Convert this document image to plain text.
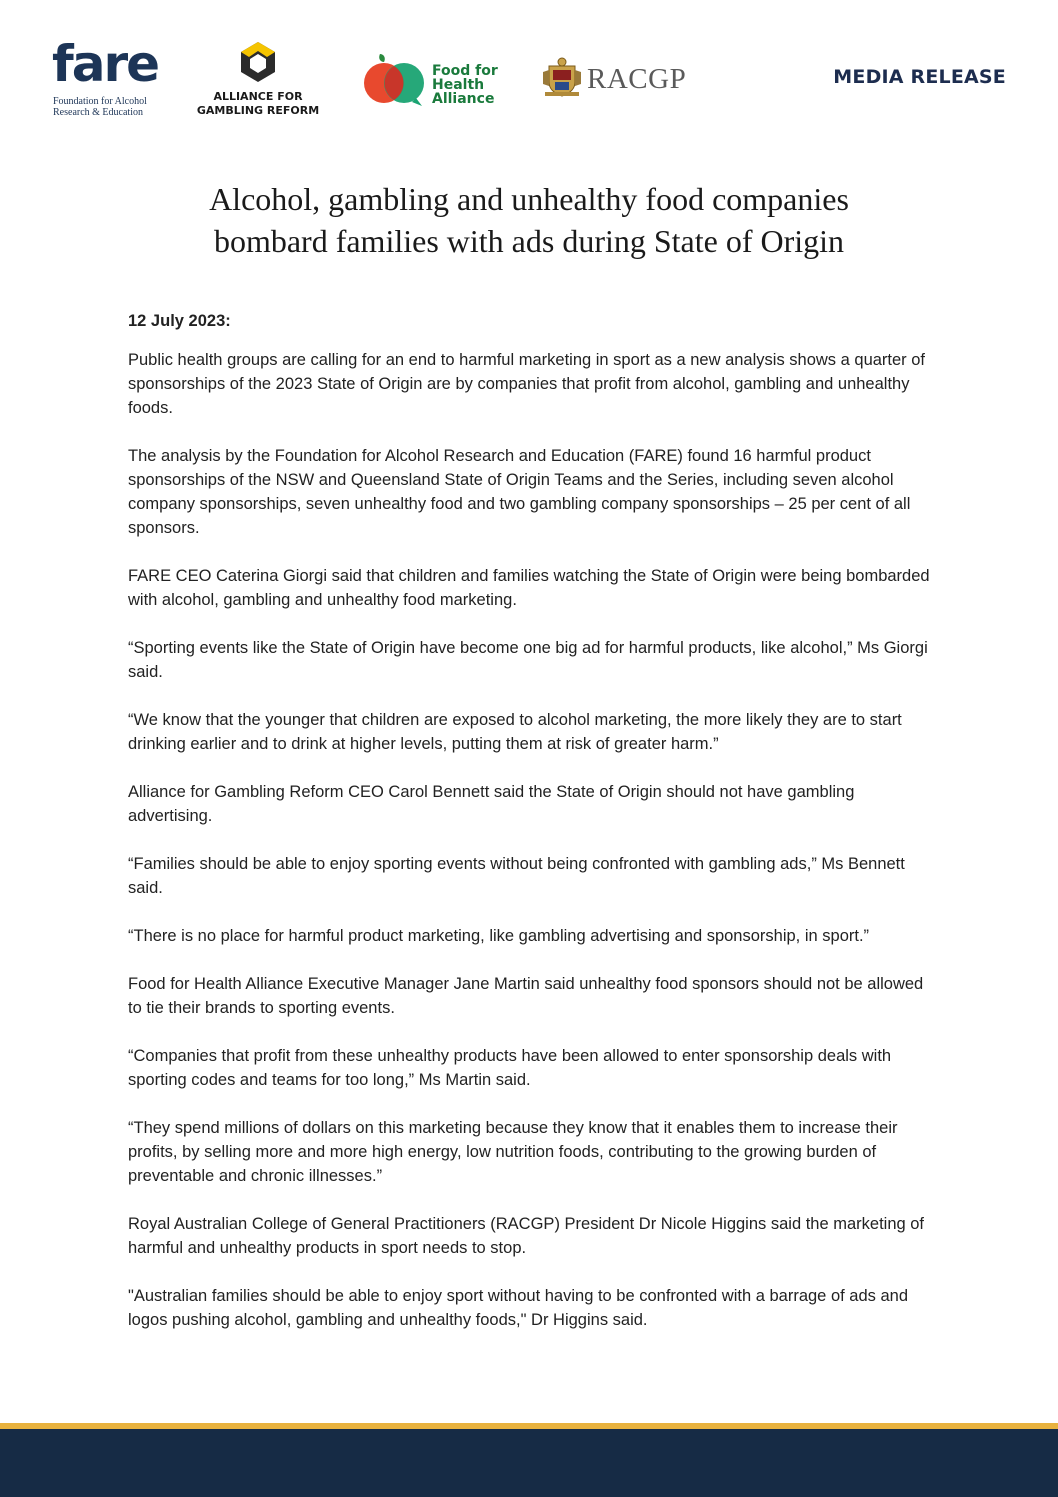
fare
Foundation for Alcohol
Research & Education
ALLIANCE FOR
GAMBLING REFORM
Food for
Health
Alliance
RACGP	MEDIA RELEASE
Alcohol, gambling and unhealthy food companies
bombard families with ads during State of Origin

12 July 2023:

Public health groups are calling for an end to harmful marketing in sport as a new analysis shows a quarter of sponsorships of the 2023 State of Origin are by companies that profit from alcohol, gambling and unhealthy foods.

The analysis by the Foundation for Alcohol Research and Education (FARE) found 16 harmful product sponsorships of the NSW and Queensland State of Origin Teams and the Series, including seven alcohol company sponsorships, seven unhealthy food and two gambling company sponsorships – 25 per cent of all sponsors.

FARE CEO Caterina Giorgi said that children and families watching the State of Origin were being bombarded with alcohol, gambling and unhealthy food marketing.

“Sporting events like the State of Origin have become one big ad for harmful products, like alcohol,” Ms Giorgi said.

“We know that the younger that children are exposed to alcohol marketing, the more likely they are to start drinking earlier and to drink at higher levels, putting them at risk of greater harm.”

Alliance for Gambling Reform CEO Carol Bennett said the State of Origin should not have gambling advertising.

“Families should be able to enjoy sporting events without being confronted with gambling ads,” Ms Bennett said.

“There is no place for harmful product marketing, like gambling advertising and sponsorship, in sport.”

Food for Health Alliance Executive Manager Jane Martin said unhealthy food sponsors should not be allowed to tie their brands to sporting events.

“Companies that profit from these unhealthy products have been allowed to enter sponsorship deals with sporting codes and teams for too long,” Ms Martin said.

“They spend millions of dollars on this marketing because they know that it enables them to increase their profits, by selling more and more high energy, low nutrition foods, contributing to the growing burden of preventable and chronic illnesses.”

Royal Australian College of General Practitioners (RACGP) President Dr Nicole Higgins said the marketing of harmful and unhealthy products in sport needs to stop.

"Australian families should be able to enjoy sport without having to be confronted with a barrage of ads and logos pushing alcohol, gambling and unhealthy foods," Dr Higgins said.
